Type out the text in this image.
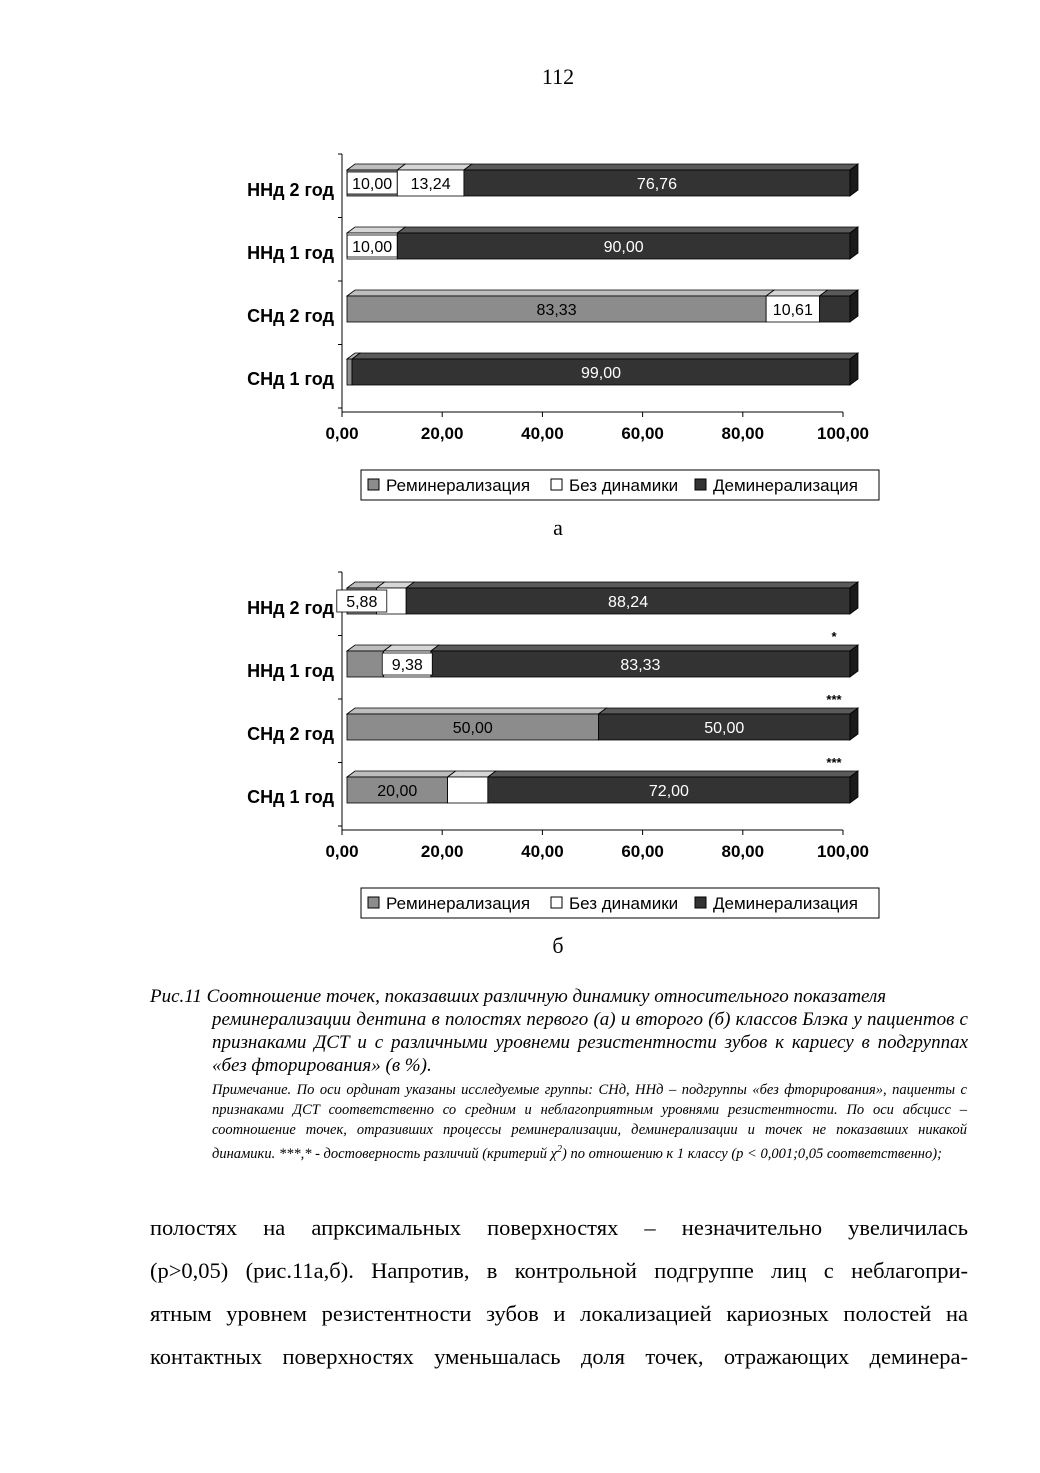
112
0,00	20,00	40,00	60,00	80,00	100,00
ННд 2 год 10,00 13,24	76,76
ННд 1 год 10,00	90,00
СНд 2 год	83,33	10,61
СНд 1 год	99,00
Реминерализация Без динамики Деминерализация
а
0,00	20,00	40,00	60,00	80,00	100,00
ННд 2 год 5,88	88,24
ННд 1 год	9,38	83,33
*
СНд 2 год	50,00	50,00
***
СНд 1 год	20,00	72,00
***
Реминерализация Без динамики Деминерализация
б
Рис.11 Соотношение точек, показавших различную динамику относительного показателя
реминерализации дентина в полостях первого (а) и второго (б) классов Блэка у пациентов с признаками ДСТ и с различными уровнеми резистентности зубов к кариесу в подгруппах «без фторирования» (в %).
Примечание. По оси ординат указаны исследуемые группы: СНд, ННд – подгруппы «без фторирования», пациенты с признаками ДСТ соответственно со средним и неблагоприятным уровнями резистентности. По оси абсцисс – соотношение точек, отразивших процессы реминерализации, деминерализации и точек не показавших никакой динамики. ***,* - достоверность различий (критерий $\chi^2$) по отношению к 1 классу (р < 0,001;0,05 соответственно);
полостях на апрксимальных поверхностях – незначительно увеличилась
(р>0,05) (рис.11а,б). Напротив, в контрольной подгруппе лиц с неблагопри-
ятным уровнем резистентности зубов и локализацией кариозных полостей на
контактных поверхностях уменьшалась доля точек, отражающих деминера-
